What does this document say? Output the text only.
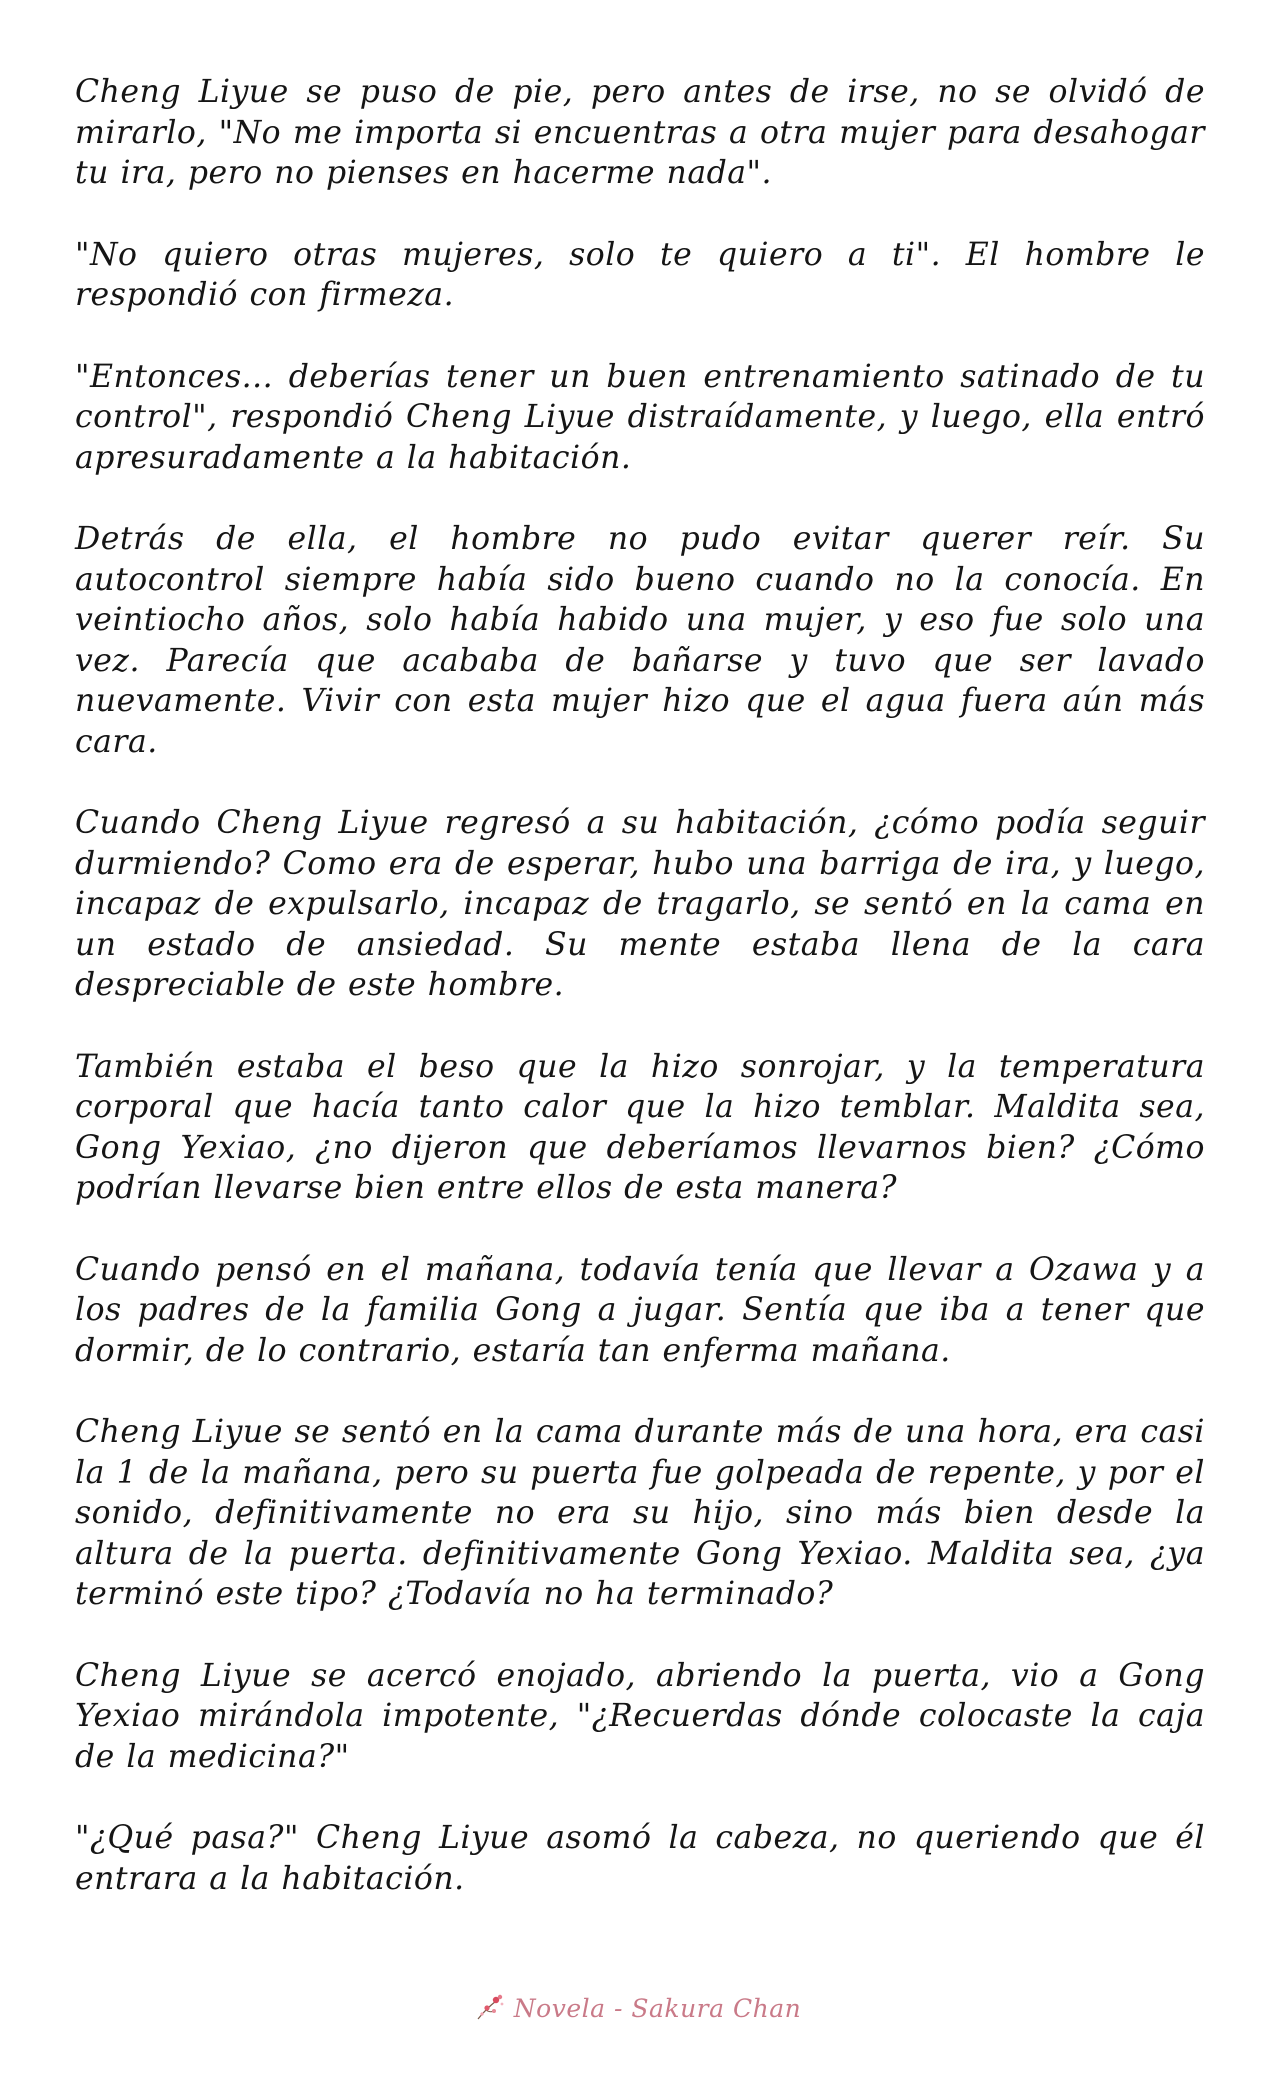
Cheng Liyue se puso de pie, pero antes de irse, no se olvidó de mirarlo, "No me importa si encuentras a otra mujer para desahogar tu ira, pero no pienses en hacerme nada".

"No quiero otras mujeres, solo te quiero a ti". El hombre le respondió con firmeza.

"Entonces... deberías tener un buen entrenamiento satinado de tu control", respondió Cheng Liyue distraídamente, y luego, ella entró apresuradamente a la habitación.

Detrás de ella, el hombre no pudo evitar querer reír. Su autocontrol siempre había sido bueno cuando no la conocía. En veintiocho años, solo había habido una mujer, y eso fue solo una vez. Parecía que acababa de bañarse y tuvo que ser lavado nuevamente. Vivir con esta mujer hizo que el agua fuera aún más cara.

Cuando Cheng Liyue regresó a su habitación, ¿cómo podía seguir durmiendo? Como era de esperar, hubo una barriga de ira, y luego, incapaz de expulsarlo, incapaz de tragarlo, se sentó en la cama en un estado de ansiedad. Su mente estaba llena de la cara despreciable de este hombre.

También estaba el beso que la hizo sonrojar, y la temperatura corporal que hacía tanto calor que la hizo temblar. Maldita sea, Gong Yexiao, ¿no dijeron que deberíamos llevarnos bien? ¿Cómo podrían llevarse bien entre ellos de esta manera?

Cuando pensó en el mañana, todavía tenía que llevar a Ozawa y a los padres de la familia Gong a jugar. Sentía que iba a tener que dormir, de lo contrario, estaría tan enferma mañana.

Cheng Liyue se sentó en la cama durante más de una hora, era casi la 1 de la mañana, pero su puerta fue golpeada de repente, y por el sonido, definitivamente no era su hijo, sino más bien desde la altura de la puerta. definitivamente Gong Yexiao. Maldita sea, ¿ya terminó este tipo? ¿Todavía no ha terminado?

Cheng Liyue se acercó enojado, abriendo la puerta, vio a Gong Yexiao mirándola impotente, "¿Recuerdas dónde colocaste la caja de la medicina?"

"¿Qué pasa?" Cheng Liyue asomó la cabeza, no queriendo que él entrara a la habitación.

Novela - Sakura Chan
